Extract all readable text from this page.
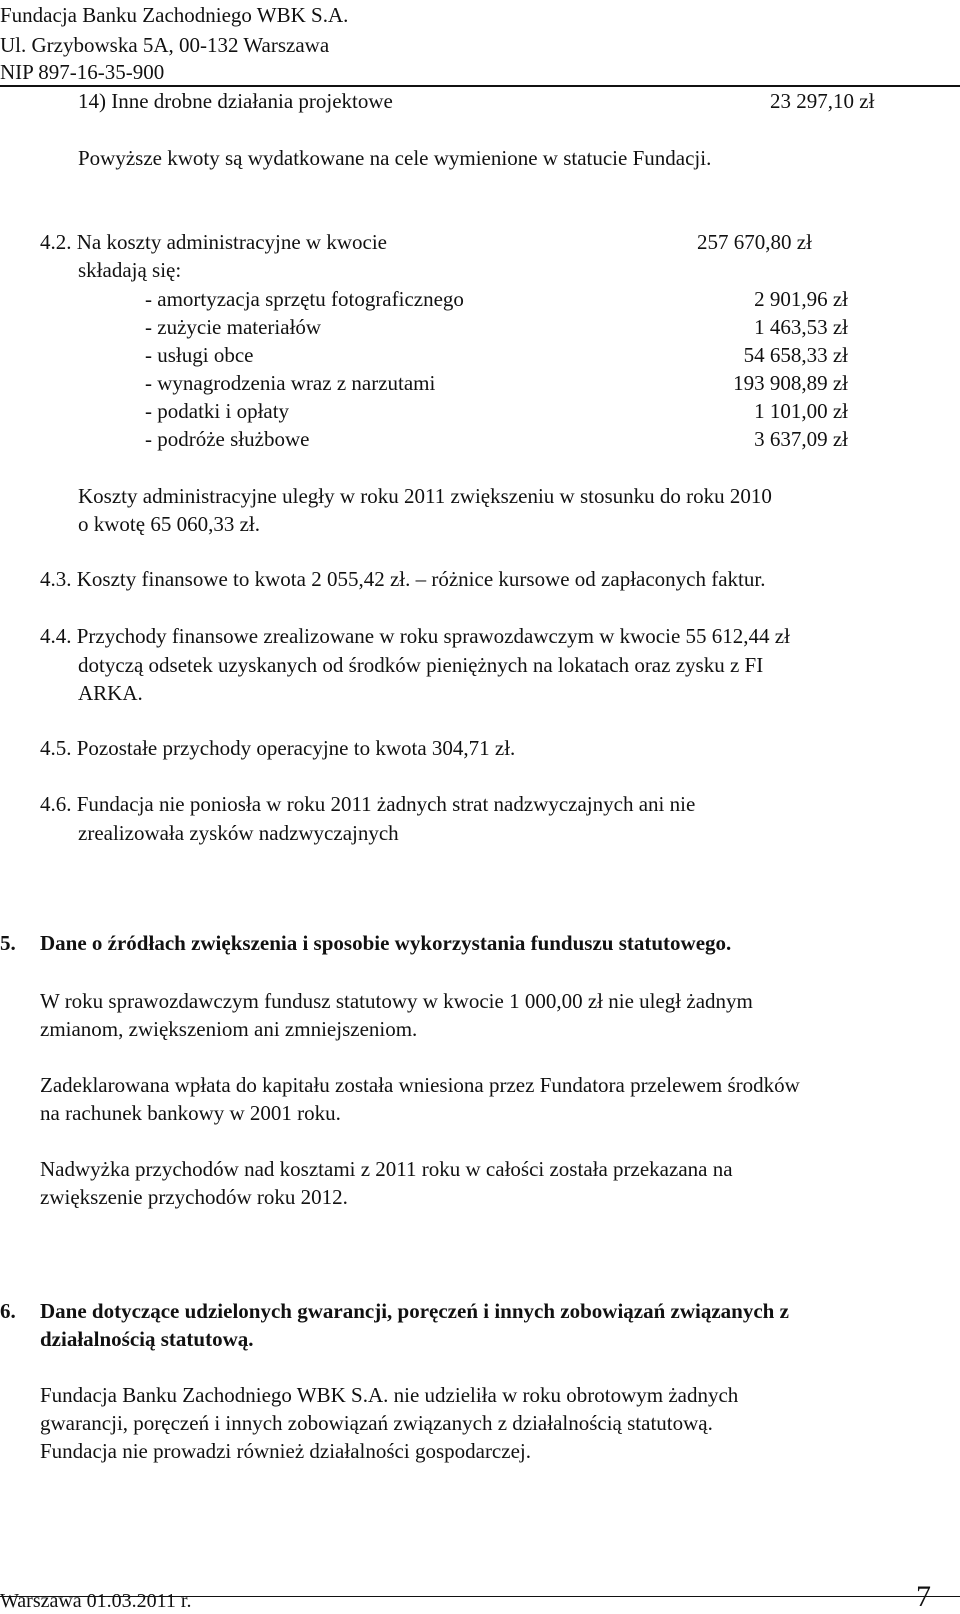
Fundacja Banku Zachodniego WBK S.A.
Ul. Grzybowska 5A, 00-132 Warszawa
NIP 897-16-35-900
14) Inne drobne działania projektowe	23 297,10 zł
Powyższe kwoty są wydatkowane na cele wymienione w statucie Fundacji.
4.2. Na koszty administracyjne w kwocie	257 670,80 zł
składają się:
- amortyzacja sprzętu fotograficznego	2 901,96 zł
- zużycie materiałów	1 463,53 zł
- usługi obce	54 658,33 zł
- wynagrodzenia wraz z narzutami	193 908,89 zł
- podatki i opłaty	1 101,00 zł
- podróże służbowe	3 637,09 zł
Koszty administracyjne uległy w roku 2011 zwiększeniu w stosunku do roku 2010
o kwotę 65 060,33 zł.
4.3. Koszty finansowe to kwota 2 055,42 zł. – różnice kursowe od zapłaconych faktur.
4.4. Przychody finansowe zrealizowane w roku sprawozdawczym w kwocie 55 612,44 zł
dotyczą odsetek uzyskanych od środków pieniężnych na lokatach oraz zysku z FI
ARKA.
4.5. Pozostałe przychody operacyjne to kwota 304,71 zł.
4.6. Fundacja nie poniosła w roku 2011 żadnych strat nadzwyczajnych ani nie
zrealizowała zysków nadzwyczajnych
5. Dane o źródłach zwiększenia i sposobie wykorzystania funduszu statutowego.
W roku sprawozdawczym fundusz statutowy w kwocie 1 000,00 zł nie uległ żadnym
zmianom, zwiększeniom ani zmniejszeniom.
Zadeklarowana wpłata do kapitału została wniesiona przez Fundatora przelewem środków
na rachunek bankowy w 2001 roku.
Nadwyżka przychodów nad kosztami z 2011 roku w całości została przekazana na
zwiększenie przychodów roku 2012.
6. Dane dotyczące udzielonych gwarancji, poręczeń i innych zobowiązań związanych z
działalnością statutową.
Fundacja Banku Zachodniego WBK S.A. nie udzieliła w roku obrotowym żadnych
gwarancji, poręczeń i innych zobowiązań związanych z działalnością statutową.
Fundacja nie prowadzi również działalności gospodarczej.
Warszawa 01.03.2011 r.	7
